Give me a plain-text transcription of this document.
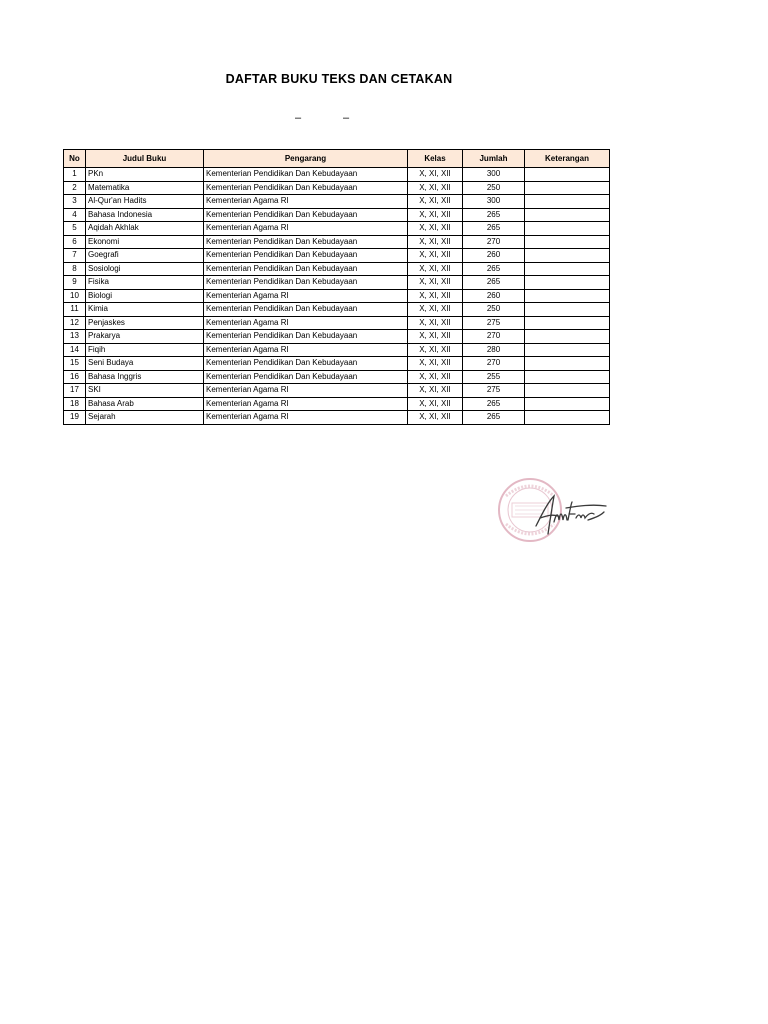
DAFTAR BUKU TEKS DAN CETAKAN
–	–
No	Judul Buku	Pengarang	Kelas	Jumlah	Keterangan
1	PKn	Kementerian Pendidikan Dan Kebudayaan	X, XI, XII	300	
2	Matematika	Kementerian Pendidikan Dan Kebudayaan	X, XI, XII	250	
3	Al-Qur'an Hadits	Kementerian Agama RI	X, XI, XII	300	
4	Bahasa Indonesia	Kementerian Pendidikan Dan Kebudayaan	X, XI, XII	265	
5	Aqidah Akhlak	Kementerian Agama RI	X, XI, XII	265	
6	Ekonomi	Kementerian Pendidikan Dan Kebudayaan	X, XI, XII	270	
7	Goegrafi	Kementerian Pendidikan Dan Kebudayaan	X, XI, XII	260	
8	Sosiologi	Kementerian Pendidikan Dan Kebudayaan	X, XI, XII	265	
9	Fisika	Kementerian Pendidikan Dan Kebudayaan	X, XI, XII	265	
10	Biologi	Kementerian Agama RI	X, XI, XII	260	
11	Kimia	Kementerian Pendidikan Dan Kebudayaan	X, XI, XII	250	
12	Penjaskes	Kementerian Agama RI	X, XI, XII	275	
13	Prakarya	Kementerian Pendidikan Dan Kebudayaan	X, XI, XII	270	
14	Fiqih	Kementerian Agama RI	X, XI, XII	280	
15	Seni Budaya	Kementerian Pendidikan Dan Kebudayaan	X, XI, XII	270	
16	Bahasa Inggris	Kementerian Pendidikan Dan Kebudayaan	X, XI, XII	255	
17	SKI	Kementerian Agama RI	X, XI, XII	275	
18	Bahasa Arab	Kementerian Agama RI	X, XI, XII	265	
19	Sejarah	Kementerian Agama RI	X, XI, XII	265	
